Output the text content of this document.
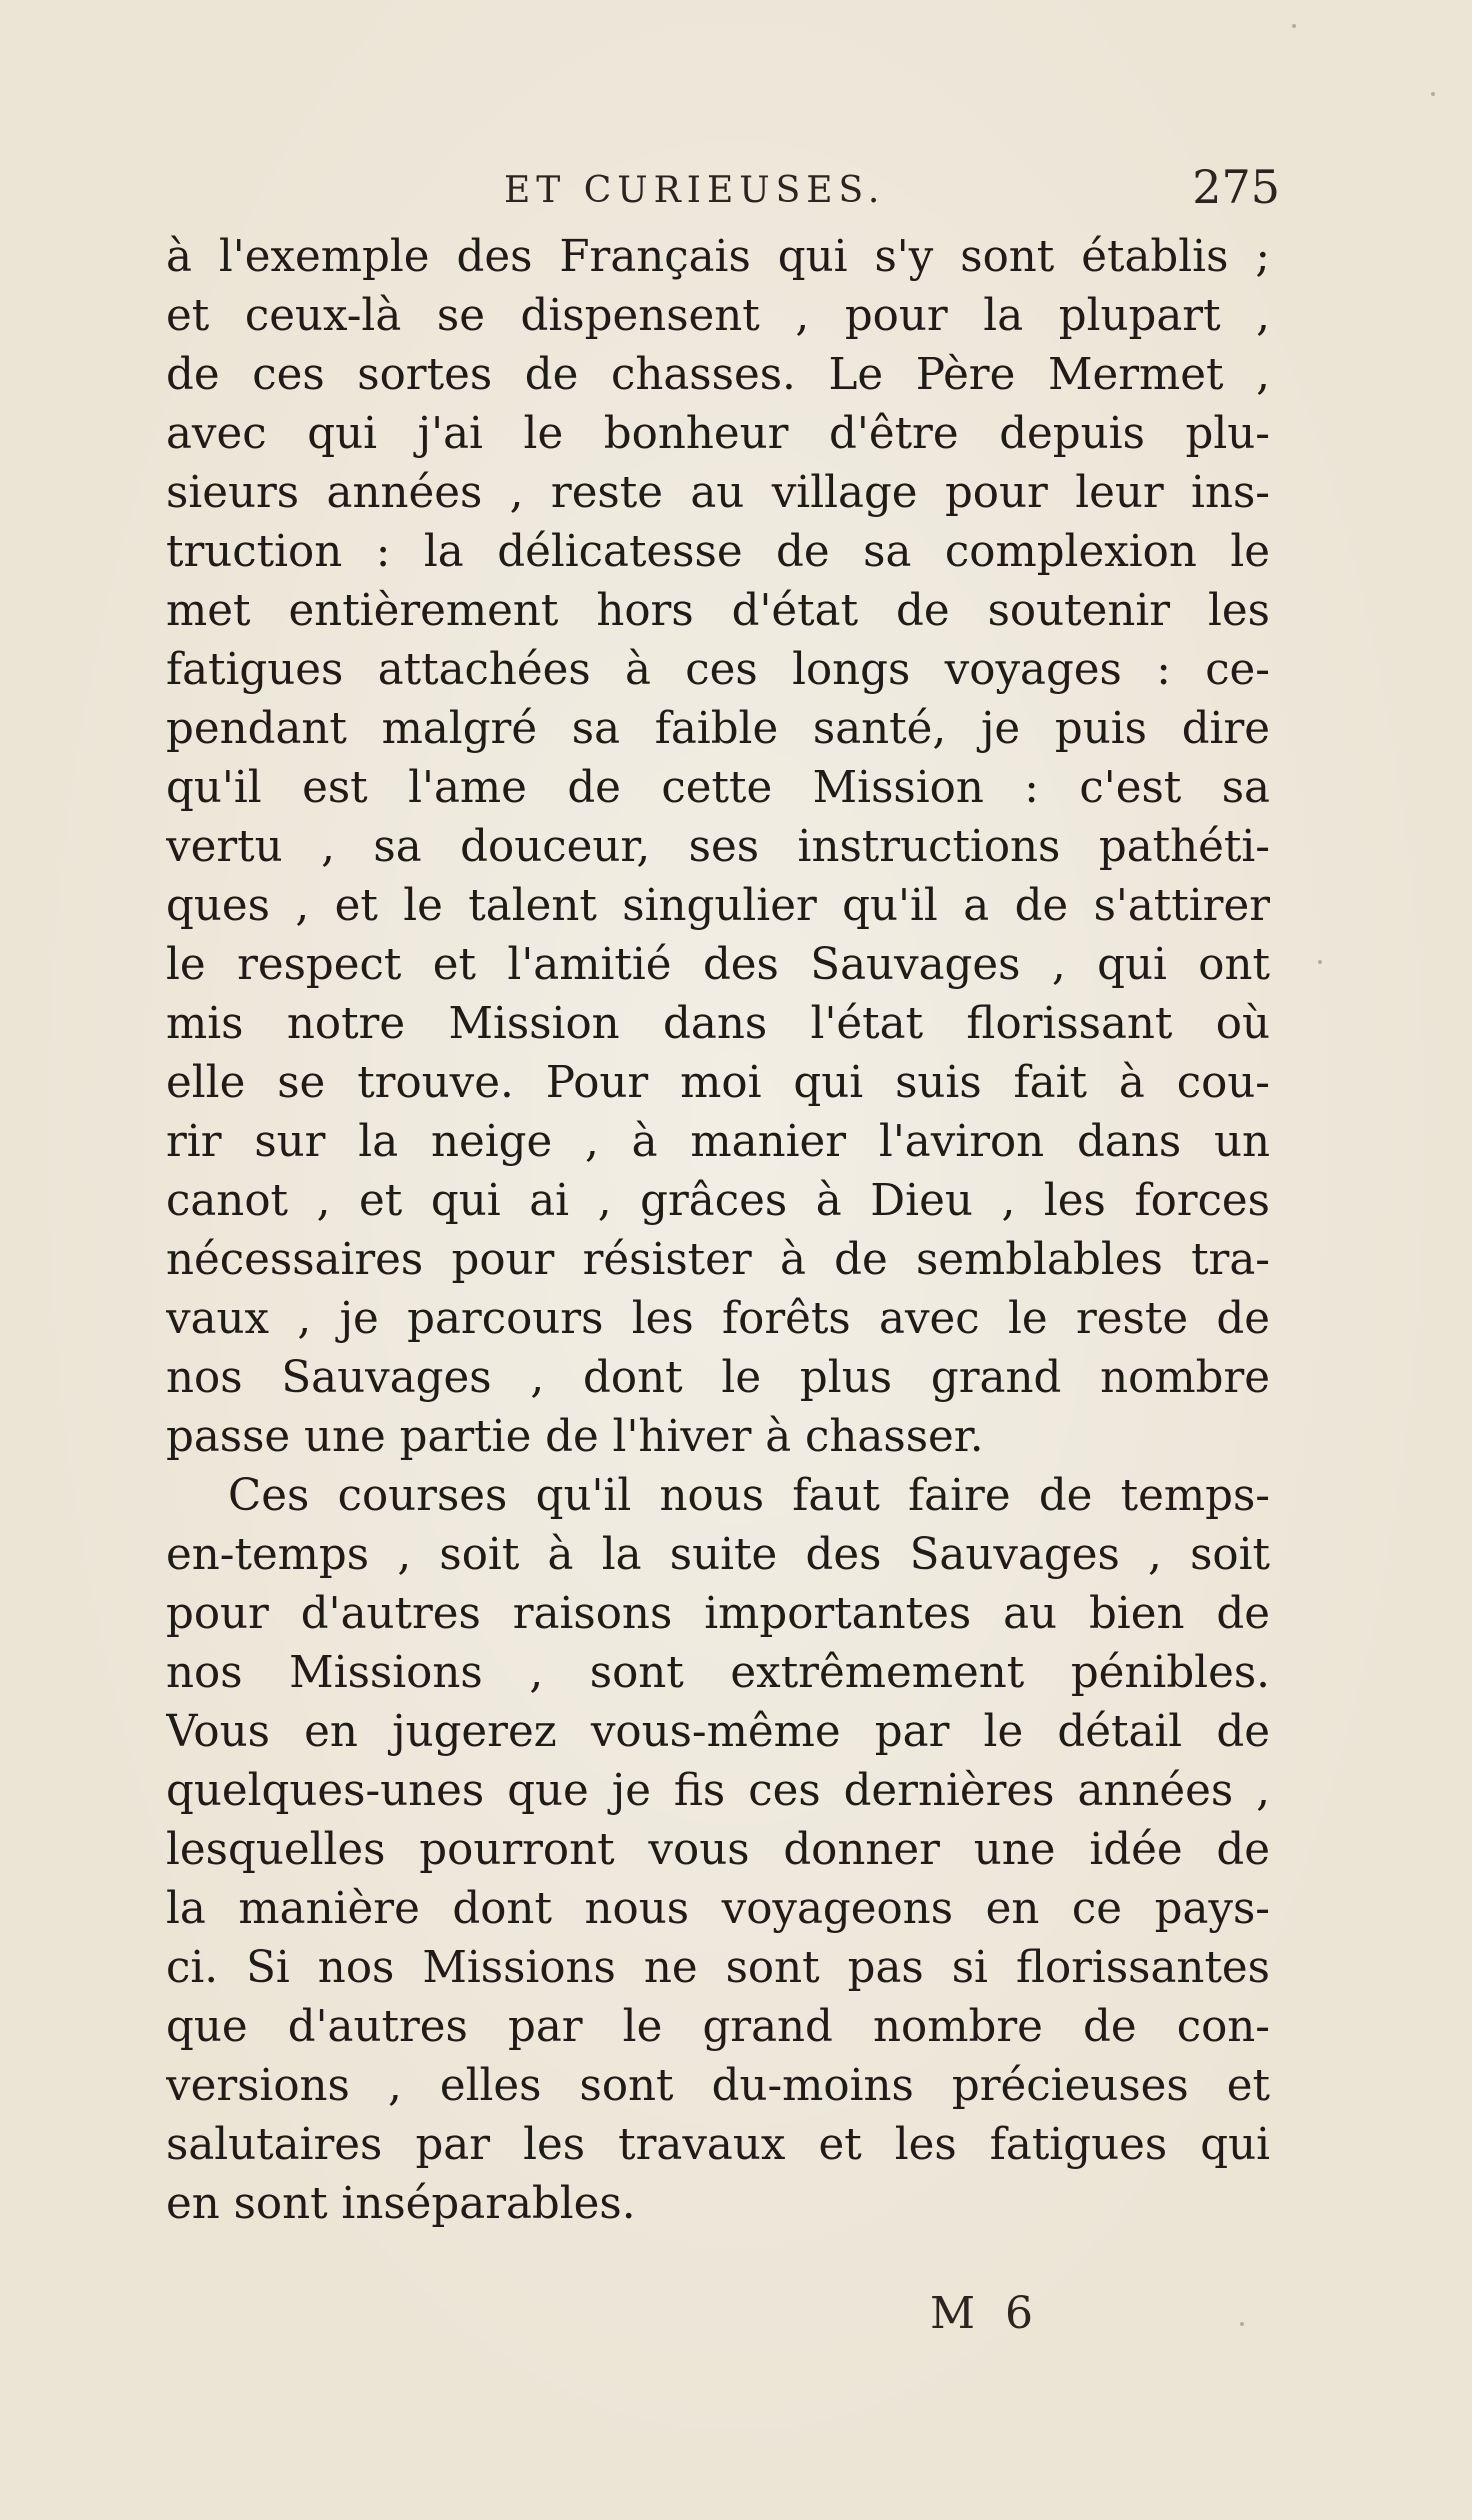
ET CURIEUSES.	275
à l'exemple des Français qui s'y sont établis ;
et ceux-là se dispensent , pour la plupart ,
de ces sortes de chasses. Le Père Mermet ,
avec qui j'ai le bonheur d'être depuis plu-
sieurs années , reste au village pour leur ins-
truction : la délicatesse de sa complexion le
met entièrement hors d'état de soutenir les
fatigues attachées à ces longs voyages : ce-
pendant malgré sa faible santé, je puis dire
qu'il est l'ame de cette Mission : c'est sa
vertu , sa douceur, ses instructions pathéti-
ques , et le talent singulier qu'il a de s'attirer
le respect et l'amitié des Sauvages , qui ont
mis notre Mission dans l'état florissant où
elle se trouve. Pour moi qui suis fait à cou-
rir sur la neige , à manier l'aviron dans un
canot , et qui ai , grâces à Dieu , les forces
nécessaires pour résister à de semblables tra-
vaux , je parcours les forêts avec le reste de
nos Sauvages , dont le plus grand nombre
passe une partie de l'hiver à chasser.
Ces courses qu'il nous faut faire de temps-
en-temps , soit à la suite des Sauvages , soit
pour d'autres raisons importantes au bien de
nos Missions , sont extrêmement pénibles.
Vous en jugerez vous-même par le détail de
quelques-unes que je fis ces dernières années ,
lesquelles pourront vous donner une idée de
la manière dont nous voyageons en ce pays-
ci. Si nos Missions ne sont pas si florissantes
que d'autres par le grand nombre de con-
versions , elles sont du-moins précieuses et
salutaires par les travaux et les fatigues qui
en sont inséparables.
M 6
